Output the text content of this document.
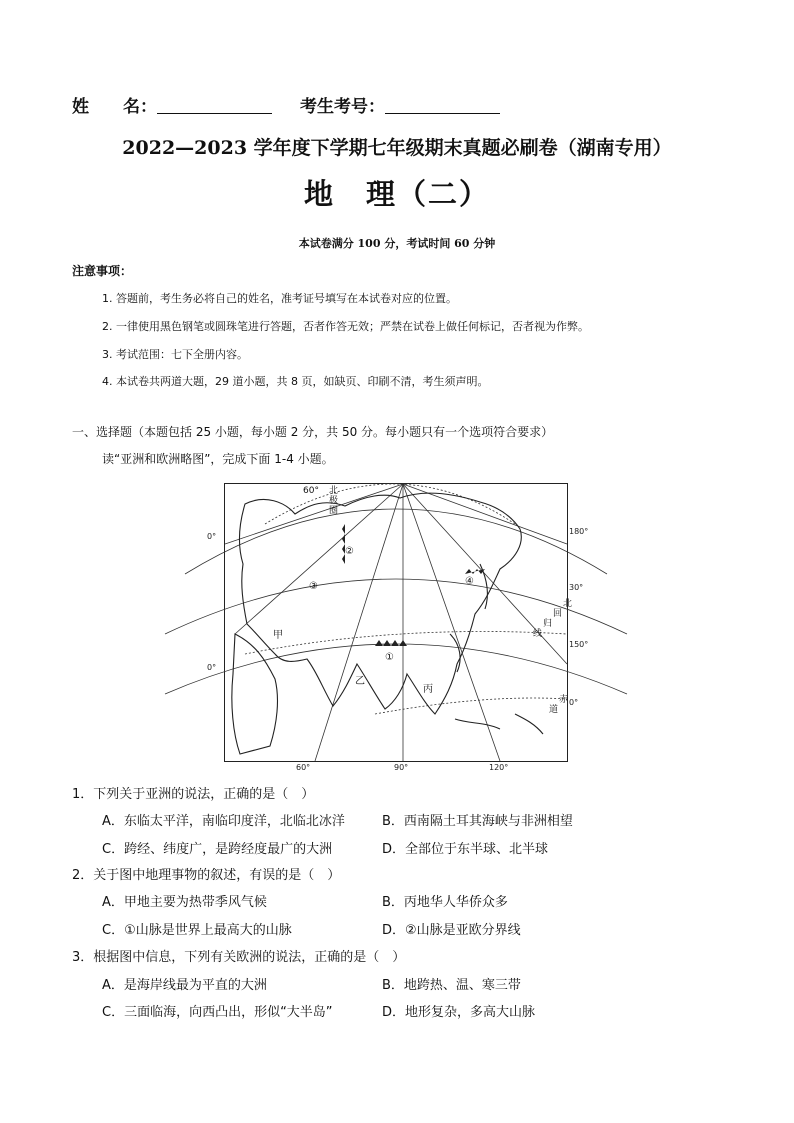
姓　　名：	考生考号：
2022—2023 学年度下学期七年级期末真题必刷卷（湖南专用）
地　理（二）
本试卷满分 100 分，考试时间 60 分钟
注意事项：
1. 答题前，考生务必将自己的姓名，准考证号填写在本试卷对应的位置。
2. 一律使用黑色钢笔或圆珠笔进行答题，否者作答无效；严禁在试卷上做任何标记，否者视为作弊。
3. 考试范围：七下全册内容。
4. 本试卷共两道大题，29 道小题，共 8 页，如缺页、印刷不清，考生须声明。
一、选择题（本题包括 25 小题，每小题 2 分，共 50 分。每小题只有一个选项符合要求）
读“亚洲和欧洲略图”，完成下面 1-4 小题。
0°
0°
180°
30°
150°
0°
60°	90°	120°
60° 北
极
圈
北
回
归
线
赤
道
甲
乙
丙
①
②
③	④
1．下列关于亚洲的说法，正确的是（　）
A．东临太平洋，南临印度洋，北临北冰洋	B．西南隔土耳其海峡与非洲相望
C．跨经、纬度广，是跨经度最广的大洲	D．全部位于东半球、北半球
2．关于图中地理事物的叙述，有误的是（　）
A．甲地主要为热带季风气候	B．丙地华人华侨众多
C．①山脉是世界上最高大的山脉	D．②山脉是亚欧分界线
3．根据图中信息，下列有关欧洲的说法，正确的是（　）
A．是海岸线最为平直的大洲	B．地跨热、温、寒三带
C．三面临海，向西凸出，形似“大半岛”	D．地形复杂，多高大山脉
